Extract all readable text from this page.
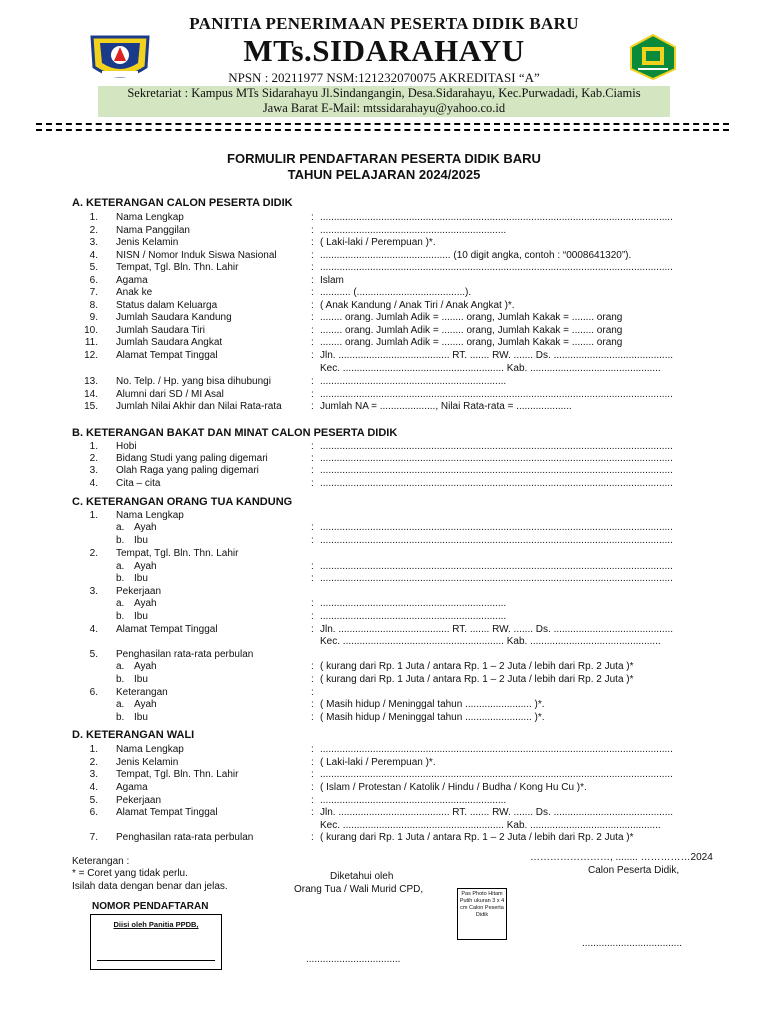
PANITIA PENERIMAAN PESERTA DIDIK BARU
MTs.SIDARAHAYU
NPSN : 20211977 NSM:121232070075 AKREDITASI “A”
Sekretariat : Kampus MTs Sidarahayu Jl.Sindangangin, Desa.Sidarahayu, Kec.Purwadadi, Kab.Ciamis
Jawa Barat E-Mail: mtssidarahayu@yahoo.co.id
FORMULIR PENDAFTARAN PESERTA DIDIK BARU
TAHUN PELAJARAN 2024/2025
A. KETERANGAN CALON PESERTA DIDIK
1. Nama Lengkap	: ...............................................................................................................................
2. Nama Panggilan	: ...................................................................
3. Jenis Kelamin	: ( Laki-laki / Perempuan )*.
4. NISN / Nomor Induk Siswa Nasional	: ............................................... (10 digit angka, contoh : “0008641320”).
5. Tempat, Tgl. Bln. Thn. Lahir	: ...............................................................................................................................
6. Agama	: Islam
7. Anak ke	: ........... (.......................................).
8. Status dalam Keluarga	: ( Anak Kandung / Anak Tiri / Anak Angkat )*.
9. Jumlah Saudara Kandung	: ........ orang. Jumlah Adik = ........ orang, Jumlah Kakak = ........ orang
10. Jumlah Saudara Tiri	: ........ orang. Jumlah Adik = ........ orang, Jumlah Kakak = ........ orang
11. Jumlah Saudara Angkat	: ........ orang. Jumlah Adik = ........ orang, Jumlah Kakak = ........ orang
12. Alamat Tempat Tinggal	: Jln. ........................................ RT. ....... RW. ....... Ds. ...........................................
Kec. .......................................................... Kab. ...............................................
13. No. Telp. / Hp. yang bisa dihubungi	: ...................................................................
14. Alumni dari SD / MI Asal	: ...............................................................................................................................
15. Jumlah Nilai Akhir dan Nilai Rata-rata	: Jumlah NA = ...................., Nilai Rata-rata = ....................
B. KETERANGAN BAKAT DAN MINAT CALON PESERTA DIDIK
1. Hobi	: ...............................................................................................................................
2. Bidang Studi yang paling digemari	: ...............................................................................................................................
3. Olah Raga yang paling digemari	: ...............................................................................................................................
4. Cita – cita	: ...............................................................................................................................
C. KETERANGAN ORANG TUA KANDUNG
1. Nama Lengkap
a. Ayah	: ...............................................................................................................................
b. Ibu	: ...............................................................................................................................
2. Tempat, Tgl. Bln. Thn. Lahir
a. Ayah	: ...............................................................................................................................
b. Ibu	: ...............................................................................................................................
3. Pekerjaan
a. Ayah	: ...................................................................
b. Ibu	: ...................................................................
4. Alamat Tempat Tinggal	: Jln. ........................................ RT. ....... RW. ....... Ds. ...........................................
Kec. .......................................................... Kab. ...............................................
5. Penghasilan rata-rata perbulan
a. Ayah	: ( kurang dari Rp. 1 Juta / antara Rp. 1 – 2 Juta / lebih dari Rp. 2 Juta )*
b. Ibu	: ( kurang dari Rp. 1 Juta / antara Rp. 1 – 2 Juta / lebih dari Rp. 2 Juta )*
6. Keterangan	:
a. Ayah	: ( Masih hidup / Meninggal tahun ........................ )*.
b. Ibu	: ( Masih hidup / Meninggal tahun ........................ )*.
D. KETERANGAN WALI
1. Nama Lengkap	: ...............................................................................................................................
2. Jenis Kelamin	: ( Laki-laki / Perempuan )*.
3. Tempat, Tgl. Bln. Thn. Lahir	: ...............................................................................................................................
4. Agama	: ( Islam / Protestan / Katolik / Hindu / Budha / Kong Hu Cu )*.
5. Pekerjaan	: ...................................................................
6. Alamat Tempat Tinggal	: Jln. ........................................ RT. ....... RW. ....... Ds. ...........................................
Kec. .......................................................... Kab. ...............................................
7. Penghasilan rata-rata perbulan	: ( kurang dari Rp. 1 Juta / antara Rp. 1 – 2 Juta / lebih dari Rp. 2 Juta )*
Keterangan :
* = Coret yang tidak perlu.
Isilah data dengan benar dan jelas.
Diketahui oleh
Orang Tua / Wali Murid CPD,
……………………, ........ ……………2024
Calon Peserta Didik,
NOMOR PENDAFTARAN
Diisi oleh Panitia PPDB,
Pas Photo Hitam Putih ukuran 3 x 4 cm Calon Peserta Didik
..................................
....................................
